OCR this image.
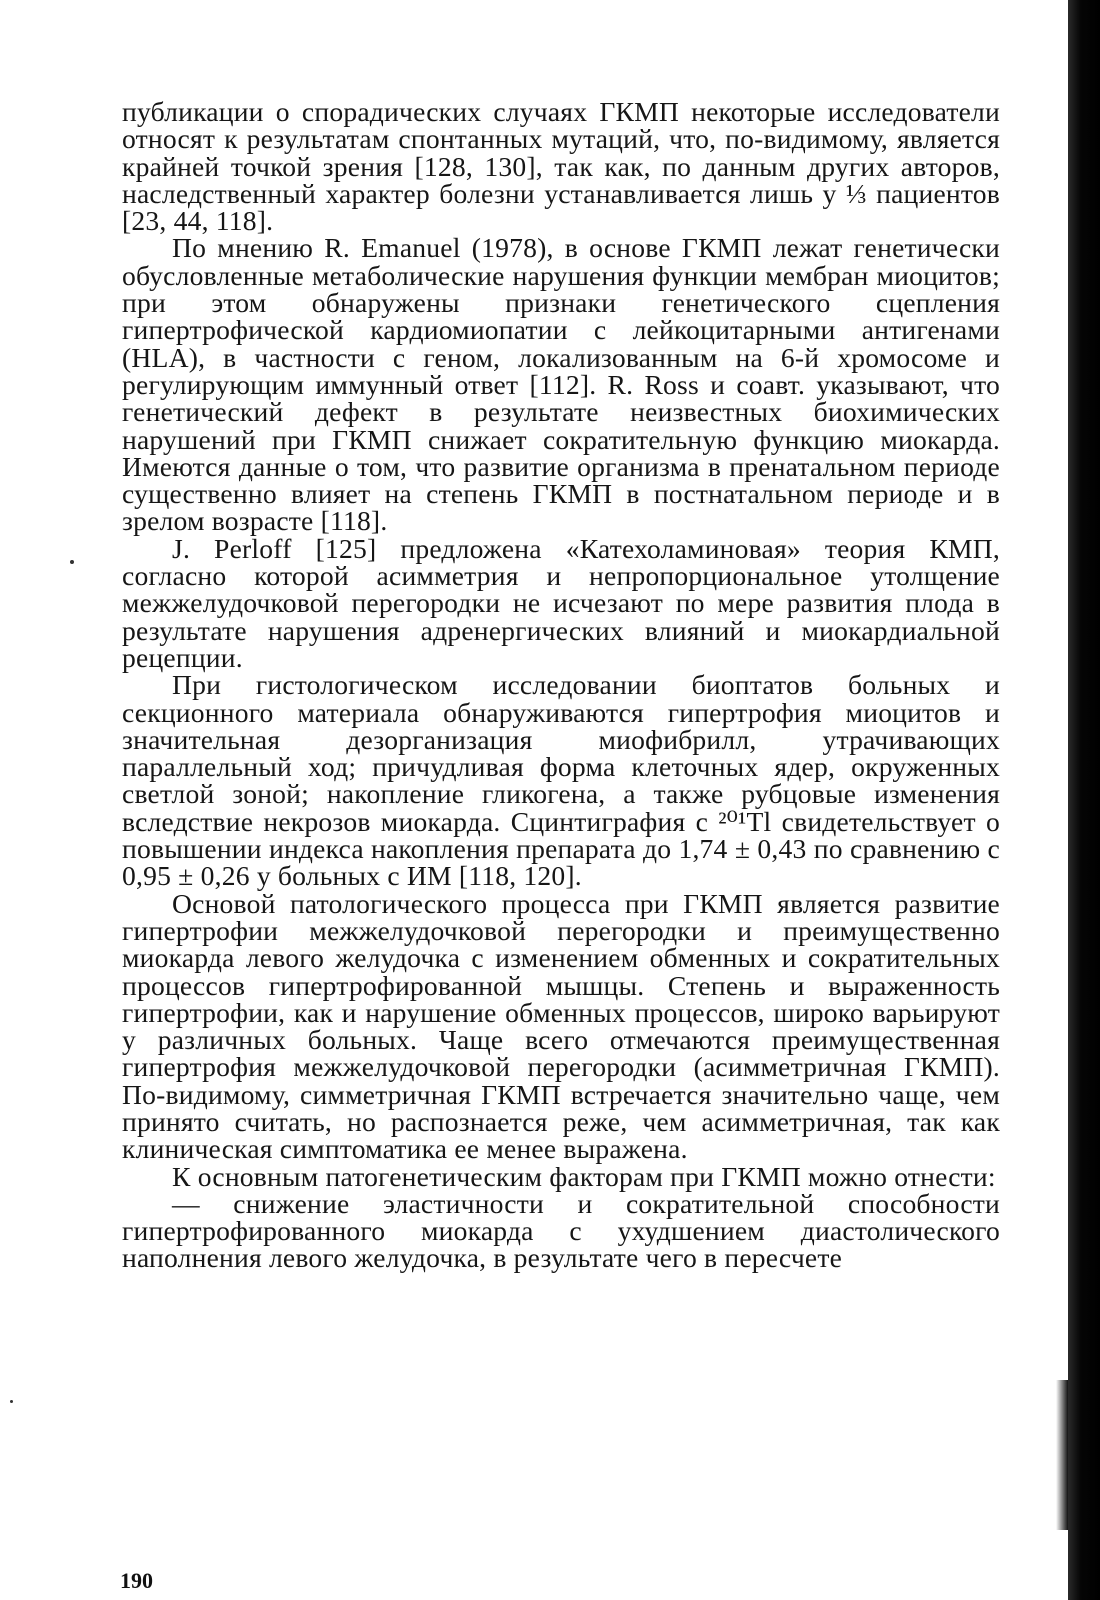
публикации о спорадических случаях ГКМП некоторые исследователи относят к результатам спонтанных мутаций, что, по-видимому, является крайней точкой зрения [128, 130], так как, по данным других авторов, наследственный характер болезни устанавливается лишь у ⅓ пациентов [23, 44, 118].

По мнению R. Emanuel (1978), в основе ГКМП лежат генетически обусловленные метаболические нарушения функции мембран миоцитов; при этом обнаружены признаки генетического сцепления гипертрофической кардиомиопатии с лейкоцитарными антигенами (HLA), в частности с геном, локализованным на 6-й хромосоме и регулирующим иммунный ответ [112]. R. Ross и соавт. указывают, что генетический дефект в результате неизвестных биохимических нарушений при ГКМП снижает сократительную функцию миокарда. Имеются данные о том, что развитие организма в пренатальном периоде существенно влияет на степень ГКМП в постнатальном периоде и в зрелом возрасте [118].

J. Perloff [125] предложена «Катехоламиновая» теория КМП, согласно которой асимметрия и непропорциональное утолщение межжелудочковой перегородки не исчезают по мере развития плода в результате нарушения адренергических влияний и миокардиальной рецепции.

При гистологическом исследовании биоптатов больных и секционного материала обнаруживаются гипертрофия миоцитов и значительная дезорганизация миофибрилл, утрачивающих параллельный ход; причудливая форма клеточных ядер, окруженных светлой зоной; накопление гликогена, а также рубцовые изменения вследствие некрозов миокарда. Сцинтиграфия с ²⁰¹Tl свидетельствует о повышении индекса накопления препарата до 1,74 ± 0,43 по сравнению с 0,95 ± 0,26 у больных с ИМ [118, 120].

Основой патологического процесса при ГКМП является развитие гипертрофии межжелудочковой перегородки и преимущественно миокарда левого желудочка с изменением обменных и сократительных процессов гипертрофированной мышцы. Степень и выраженность гипертрофии, как и нарушение обменных процессов, широко варьируют у различных больных. Чаще всего отмечаются преимущественная гипертрофия межжелудочковой перегородки (асимметричная ГКМП). По-видимому, симметричная ГКМП встречается значительно чаще, чем принято считать, но распознается реже, чем асимметричная, так как клиническая симптоматика ее менее выражена.

К основным патогенетическим факторам при ГКМП можно отнести:

— снижение эластичности и сократительной способности гипертрофированного миокарда с ухудшением диастолического наполнения левого желудочка, в результате чего в пересчете

190
